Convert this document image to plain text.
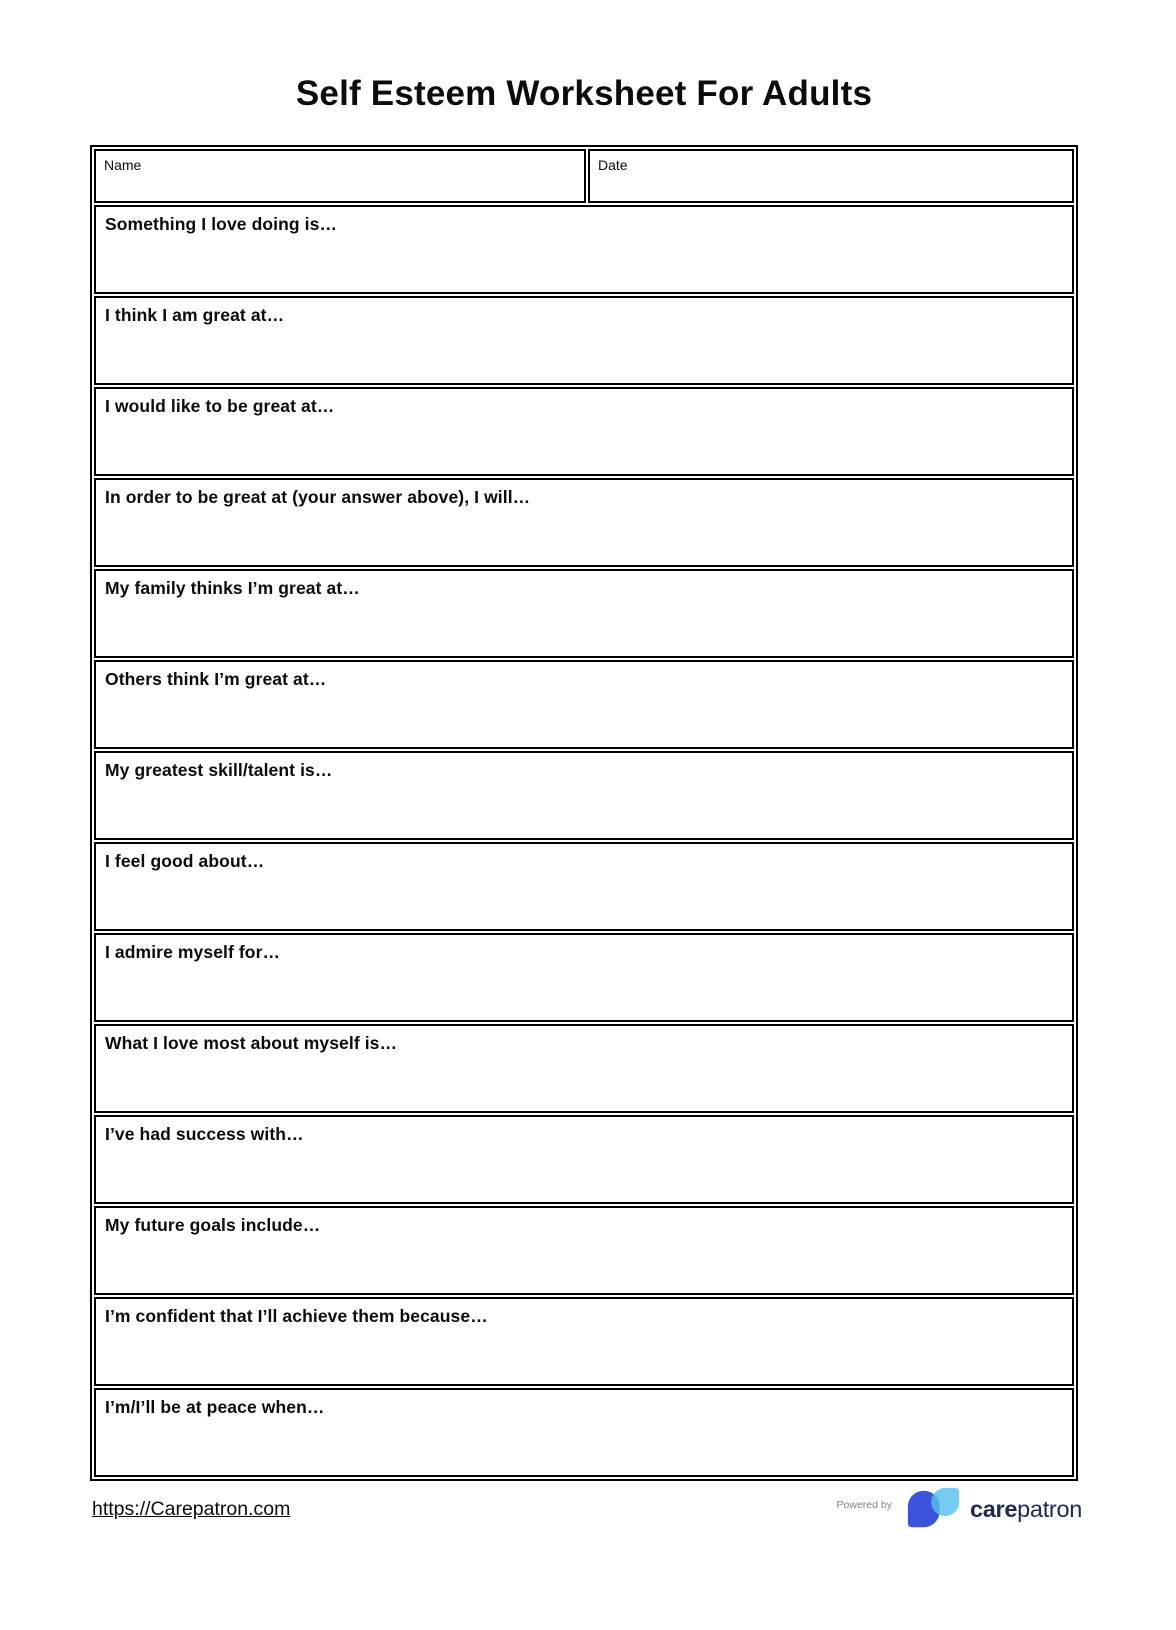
Self Esteem Worksheet For Adults
Name	Date
Something I love doing is…
I think I am great at…
I would like to be great at…
In order to be great at (your answer above), I will…
My family thinks I’m great at…
Others think I’m great at…
My greatest skill/talent is…
I feel good about…
I admire myself for…
What I love most about myself is…
I’ve had success with…
My future goals include…
I’m confident that I’ll achieve them because…
I’m/I’ll be at peace when…
https://Carepatron.com	Powered by	carepatron
